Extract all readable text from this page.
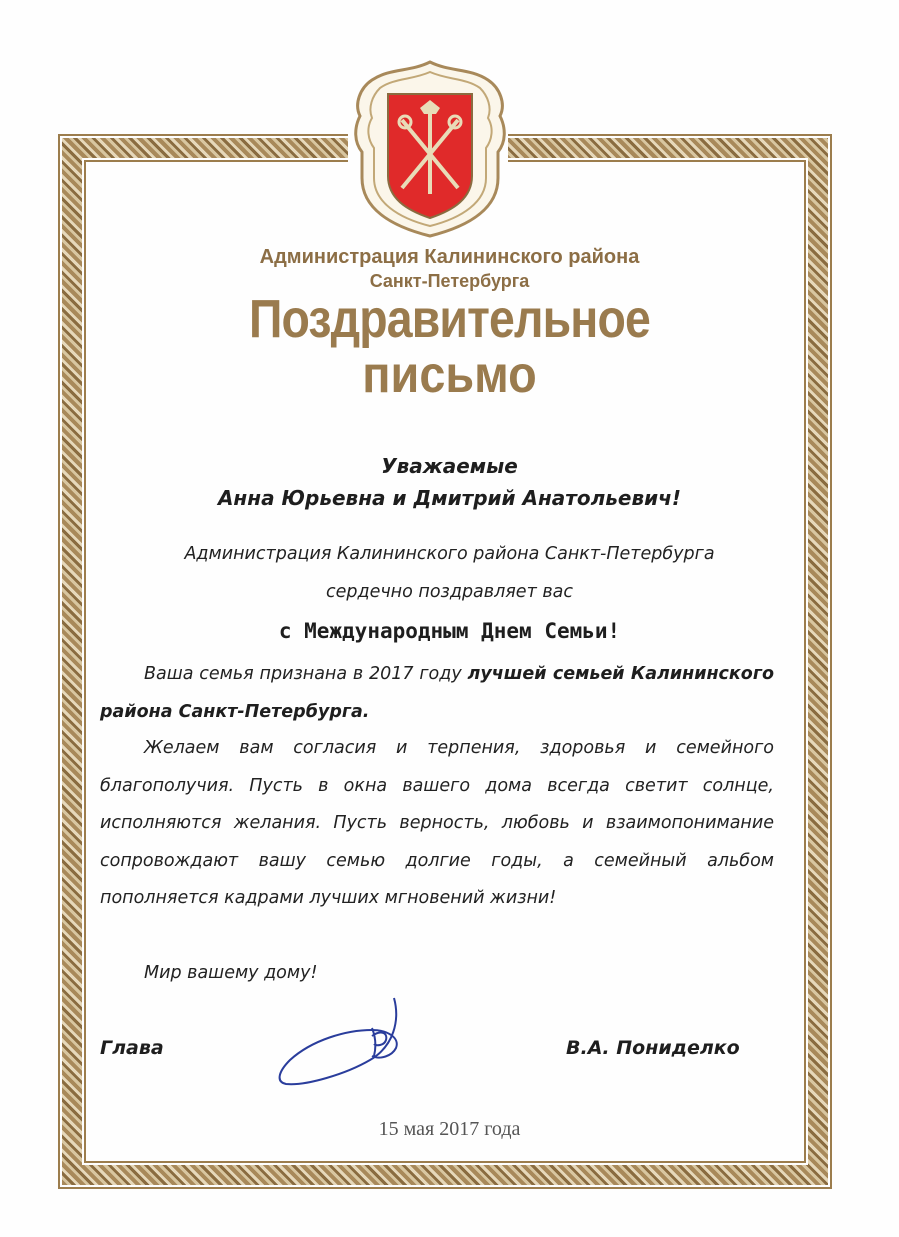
Администрация Калининского района
Санкт-Петербурга
Поздравительное
письмо
Уважаемые
Анна Юрьевна и Дмитрий Анатольевич!
Администрация Калининского района Санкт-Петербурга
сердечно поздравляет вас
с Международным Днем Семьи!
Ваша семья признана в 2017 году лучшей семьей Калининского района Санкт-Петербурга.
Желаем вам согласия и терпения, здоровья и семейного благополучия. Пусть в окна вашего дома всегда светит солнце, исполняются желания. Пусть верность, любовь и взаимопонимание сопровождают вашу семью долгие годы, а семейный альбом пополняется кадрами лучших мгновений жизни!
Мир вашему дому!
Глава	В.А. Пониделко
15 мая 2017 года
